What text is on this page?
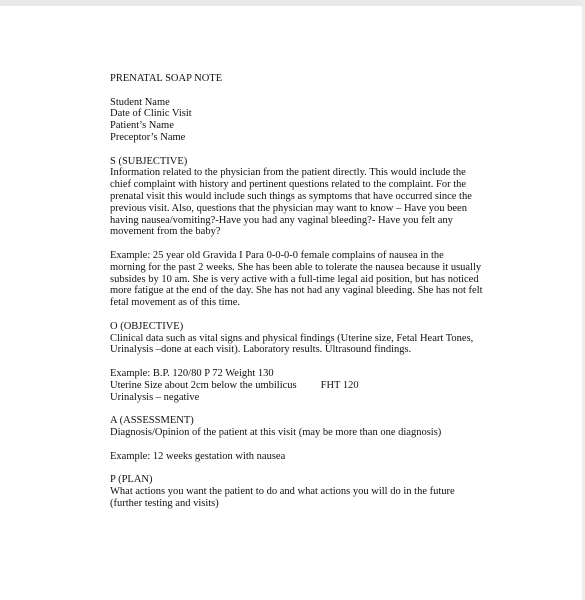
PRENATAL SOAP NOTE
Student Name
Date of Clinic Visit
Patient’s Name
Preceptor’s Name
S (SUBJECTIVE)
Information related to the physician from the patient directly. This would include the
chief complaint with history and pertinent questions related to the complaint. For the
prenatal visit this would include such things as symptoms that have occurred since the
previous visit. Also, questions that the physician may want to know – Have you been
having nausea/vomiting?-Have you had any vaginal bleeding?- Have you felt any
movement from the baby?
Example: 25 year old Gravida I Para 0-0-0-0 female complains of nausea in the
morning for the past 2 weeks. She has been able to tolerate the nausea because it usually
subsides by 10 am. She is very active with a full-time legal aid position, but has noticed
more fatigue at the end of the day. She has not had any vaginal bleeding. She has not felt
fetal movement as of this time.
O (OBJECTIVE)
Clinical data such as vital signs and physical findings (Uterine size, Fetal Heart Tones,
Urinalysis –done at each visit). Laboratory results. Ultrasound findings.
Example: B.P. 120/80 P 72 Weight 130
Uterine Size about 2cm below the umbilicus FHT 120
Urinalysis – negative
A (ASSESSMENT)
Diagnosis/Opinion of the patient at this visit (may be more than one diagnosis)
Example: 12 weeks gestation with nausea
P (PLAN)
What actions you want the patient to do and what actions you will do in the future
(further testing and visits)
